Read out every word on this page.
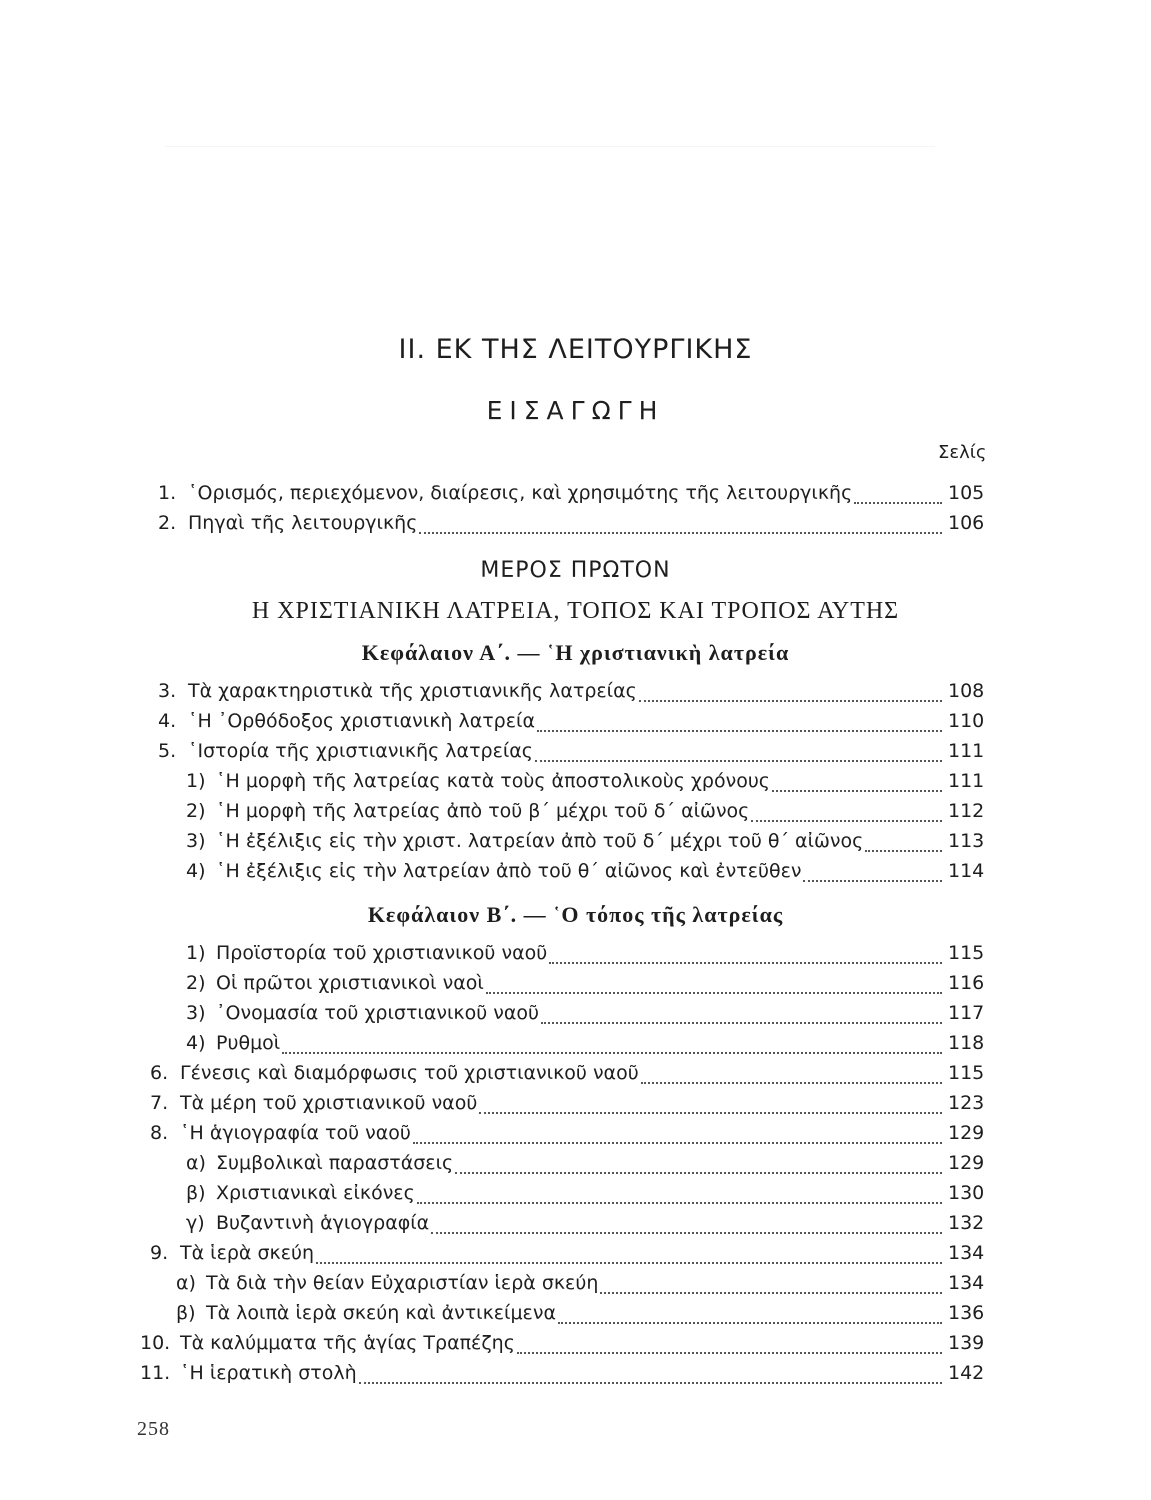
II. ΕΚ ΤΗΣ ΛΕΙΤΟΥΡΓΙΚΗΣ
ΕΙΣΑΓΩΓΗ
Σελίς
1. ῾Ορισμός, περιεχόμενον, διαίρεσις, καὶ χρησιμότης τῆς λειτουργικῆς	105
2. Πηγαὶ τῆς λειτουργικῆς	106
ΜΕΡΟΣ ΠΡΩΤΟΝ
Η ΧΡΙΣΤΙΑΝΙΚΗ ΛΑΤΡΕΙΑ, ΤΟΠΟΣ ΚΑΙ ΤΡΟΠΟΣ ΑΥΤΗΣ
Κεφάλαιον Α΄. — ῾Η χριστιανικὴ λατρεία
3. Τὰ χαρακτηριστικὰ τῆς χριστιανικῆς λατρείας	108
4. ῾Η ᾿Ορθόδοξος χριστιανικὴ λατρεία	110
5. ῾Ιστορία τῆς χριστιανικῆς λατρείας	111
1) ῾Η μορφὴ τῆς λατρείας κατὰ τοὺς ἀποστολικοὺς χρόνους	111
2) ῾Η μορφὴ τῆς λατρείας ἀπὸ τοῦ β΄ μέχρι τοῦ δ΄ αἰῶνος	112
3) ῾Η ἐξέλιξις εἰς τὴν χριστ. λατρείαν ἀπὸ τοῦ δ΄ μέχρι τοῦ θ΄ αἰῶνος	113
4) ῾Η ἐξέλιξις εἰς τὴν λατρείαν ἀπὸ τοῦ θ΄ αἰῶνος καὶ ἐντεῦθεν	114
Κεφάλαιον Β΄. — ῾Ο τόπος τῆς λατρείας
1) Προϊστορία τοῦ χριστιανικοῦ ναοῦ	115
2) Οἱ πρῶτοι χριστιανικοὶ ναοὶ	116
3) ᾿Ονομασία τοῦ χριστιανικοῦ ναοῦ	117
4) Ρυθμοὶ	118
6. Γένεσις καὶ διαμόρφωσις τοῦ χριστιανικοῦ ναοῦ	115
7. Τὰ μέρη τοῦ χριστιανικοῦ ναοῦ	123
8. ῾Η ἁγιογραφία τοῦ ναοῦ	129
α) Συμβολικαὶ παραστάσεις	129
β) Χριστιανικαὶ εἰκόνες	130
γ) Βυζαντινὴ ἁγιογραφία	132
9. Τὰ ἱερὰ σκεύη	134
α) Τὰ διὰ τὴν θείαν Εὐχαριστίαν ἱερὰ σκεύη	134
β) Τὰ λοιπὰ ἱερὰ σκεύη καὶ ἀντικείμενα	136
10. Τὰ καλύμματα τῆς ἁγίας Τραπέζης	139
11. ῾Η ἱερατικὴ στολὴ	142
258
